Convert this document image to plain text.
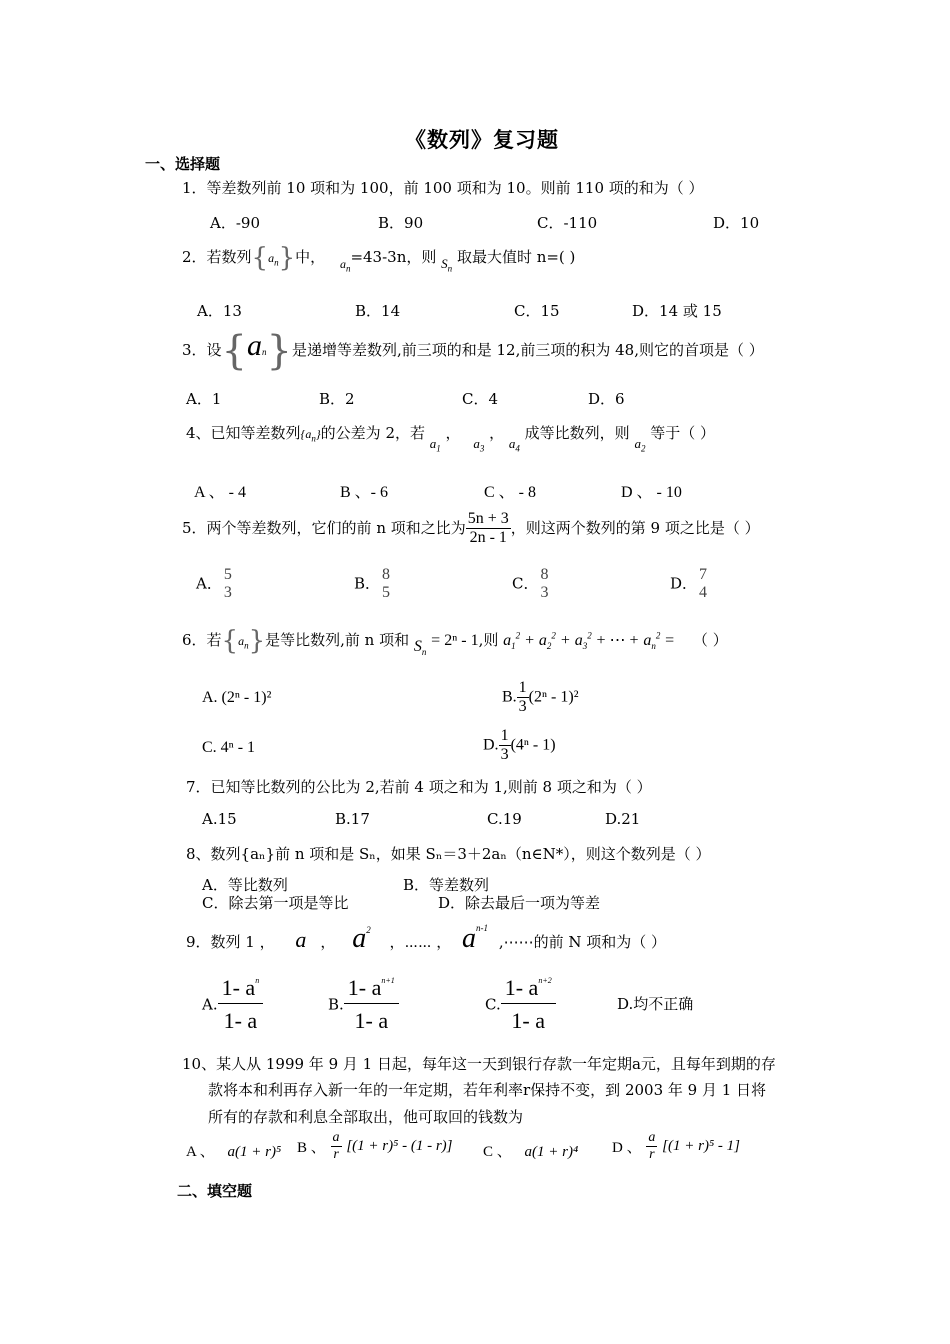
《数列》复习题
一、选择题
1．等差数列前 10 项和为 100，前 100 项和为 10。则前 110 项的和为（ ）
A．-90	B．90	C．-110	D．10
2．若数列$\{a_n\}$中， $_{a_n}$=43-3n，则 $S_n$ 取最大值时 n=( )
A．13	B．14	C．15	D．14 或 15
3．设{an}是递增等差数列,前三项的和是 12,前三项的积为 48,则它的首项是（ ）
A．1	B．2	C．4	D．6
4、已知等差数列$\{a_n\}$的公差为 2，若 $a_1$ ， $a_3$ ， $a_4$ 成等比数列，则 $a_2$ 等于（ ）
A 、 - 4	B 、- 6	C 、 - 8	D 、 - 10
5．两个等差数列，它们的前 n 项和之比为 $\frac{5n + 3}{2n - 1}$ ，则这两个数列的第 9 项之比是（ ）
A． 5
3
B． 8
5
C． 8
3
D． 7
4
6．若$\{a_n\}$是等比数列,前 n 项和 $S_n = 2^n - 1$,则 $a_1^2 + a_2^2 + a_3^2$ + ⋯ + $a_n^2$ = （ ）
A. (2ⁿ - 1)²	B. $\frac{1}{3} (2^n - 1)^2$
C. 4ⁿ - 1	D. $\frac{1}{3} (4^n - 1)$
7．已知等比数列的公比为 2,若前 4 项之和为 1,则前 8 项之和为（ ）
A.15	B.17	C.19	D.21
8、数列{aₙ}前 n 项和是 Sₙ，如果 Sₙ＝3＋2aₙ（n∈N*），则这个数列是（ ）
A．等比数列	B．等差数列
C．除去第一项是等比	D．除去最后一项为等差
9．数列 1 ， a ， $a^2$ ，⋯⋯ ， $a^{n-1}$ ,⋯⋯的前 N 项和为（ ）
A. $\frac{1- a^n}{1- a}$	B. $\frac{1- a^{n+1}}{1- a}$	C. $\frac{1- a^{n+2}}{1- a}$	D.均不正确
10、某人从 1999 年 9 月 1 日起，每年这一天到银行存款一年定期a元，且每年到期的存
款将本和利再存入新一年的一年定期，若年利率r保持不变，到 2003 年 9 月 1 日将
所有的存款和利息全部取出，他可取回的钱数为
A 、 a(1 + r)⁵ B 、 $\frac{a}{r} [(1 + r)^5 - (1 - r)]$ C 、 a(1 + r)⁴ D 、 $\frac{a}{r} [(1 + r)^5 - 1]$
二、填空题
